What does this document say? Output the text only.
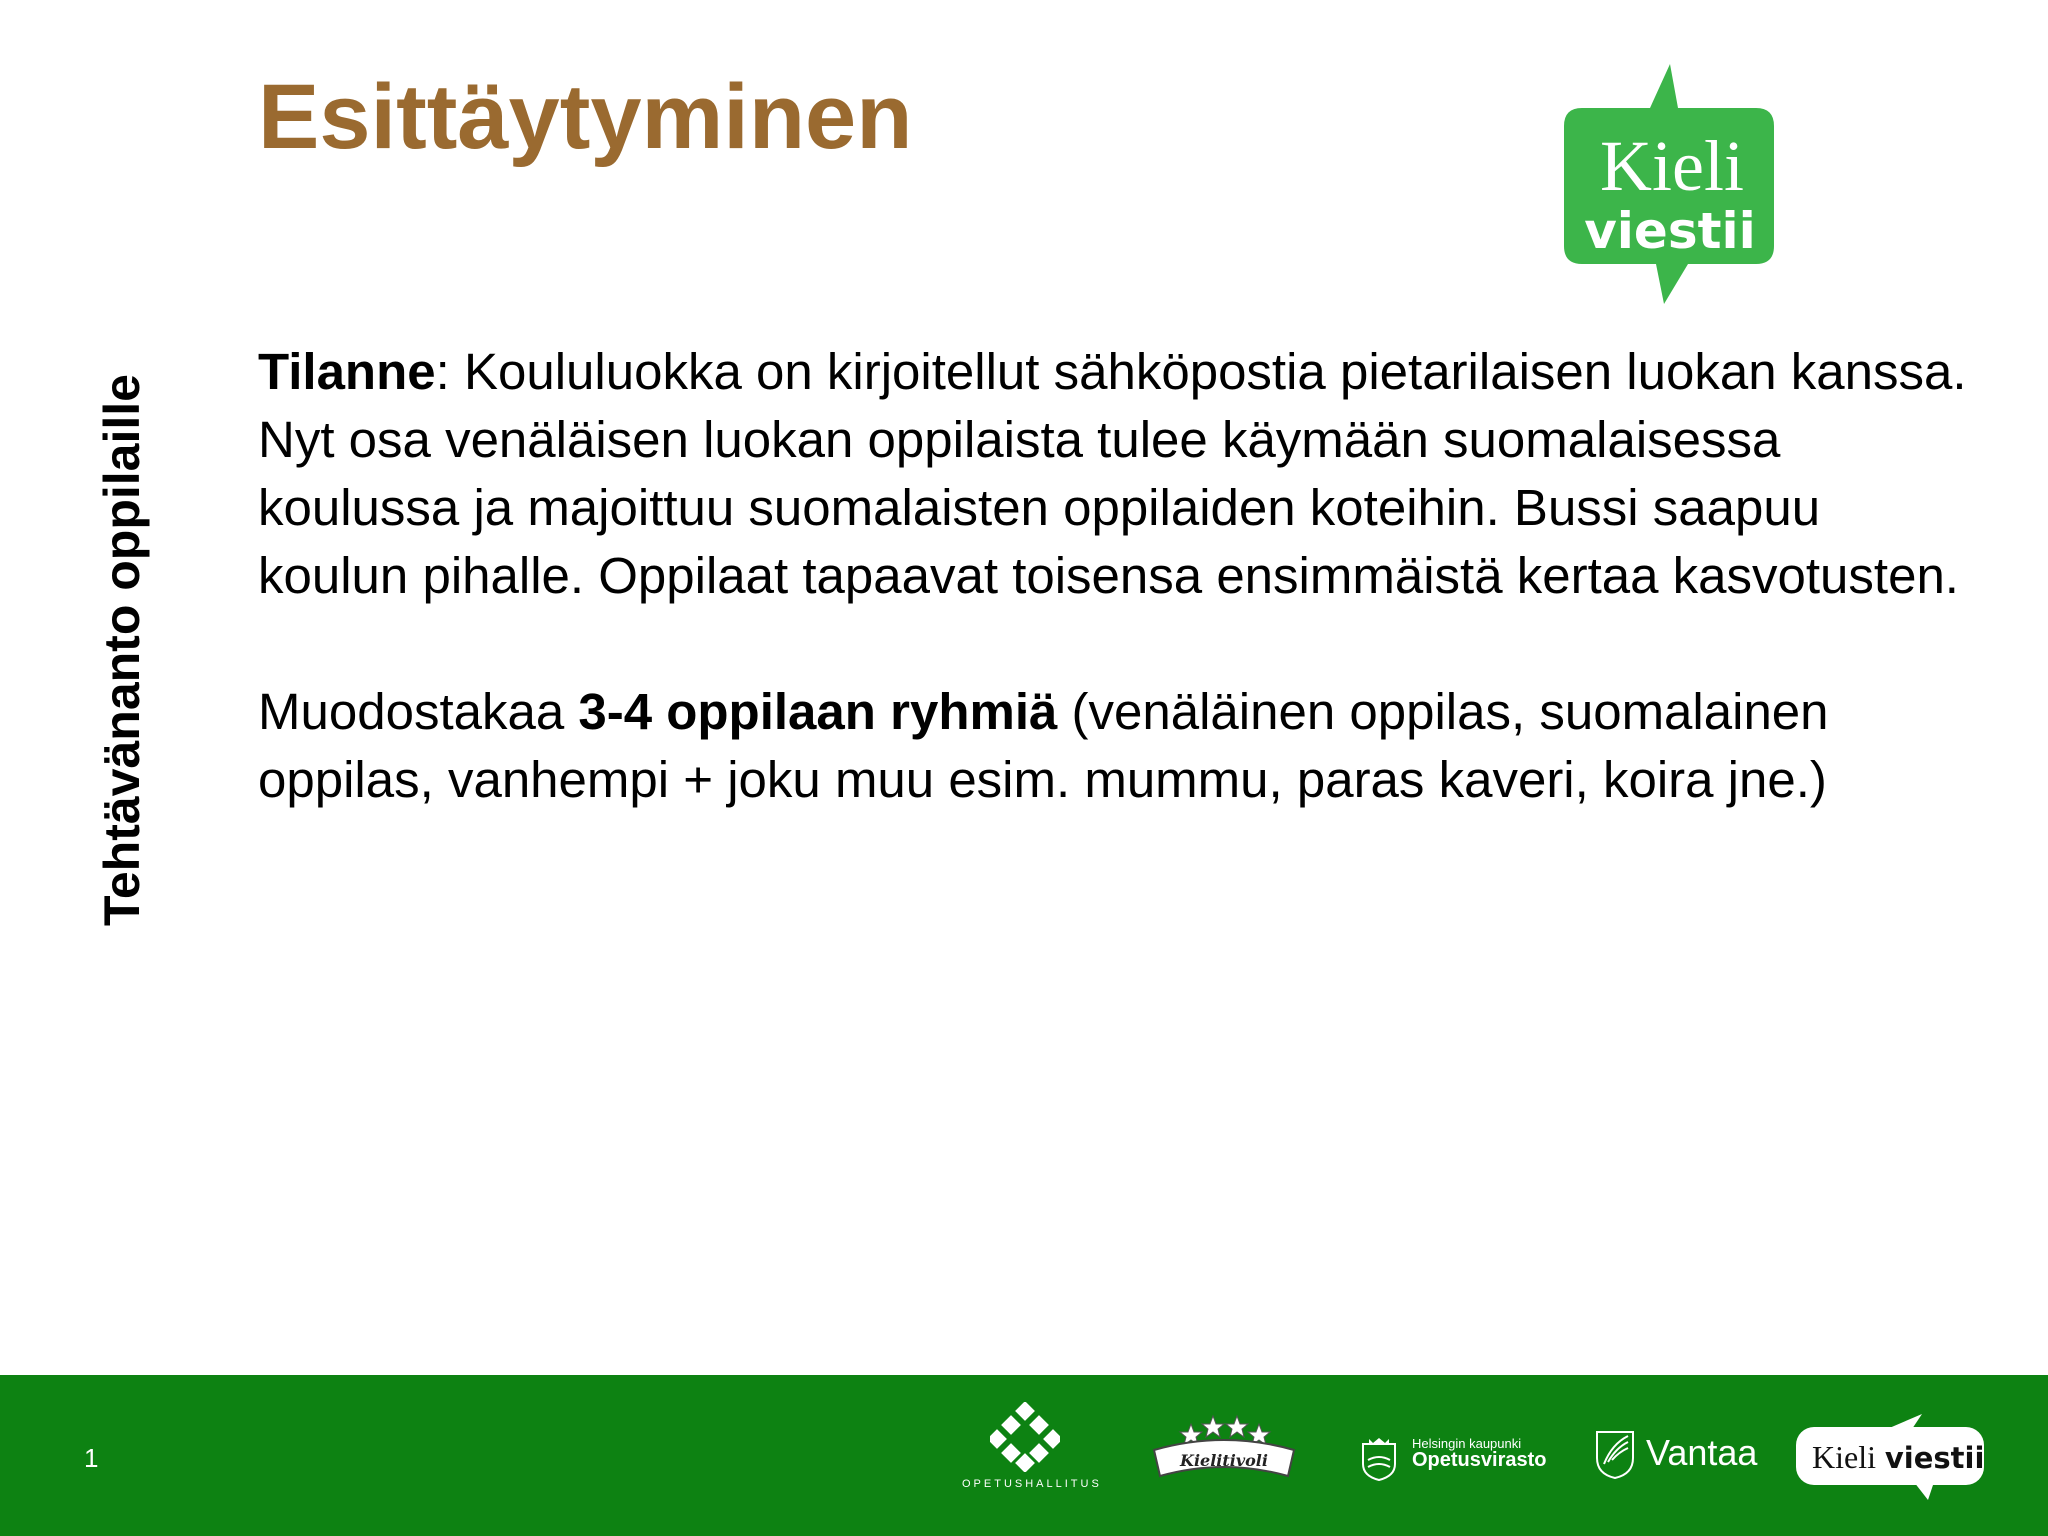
Esittäytyminen	Kieli
viestii
Tehtävänanto oppilaille

Tilanne: Koululuokka on kirjoitellut sähköpostia pietarilaisen luokan kanssa. Nyt osa venäläisen luokan oppilaista tulee käymään suomalaisessa koulussa ja majoittuu suomalaisten oppilaiden koteihin. Bussi saapuu koulun pihalle. Oppilaat tapaavat toisensa ensimmäistä kertaa kasvotusten.

Muodostakaa 3-4 oppilaan ryhmiä (venäläinen oppilas, suomalainen oppilas, vanhempi + joku muu esim. mummu, paras kaveri, koira jne.)

1
OPETUSHALLITUS
Kielitivoli
Helsingin kaupunki
Opetusvirasto	Vantaa Kieli viestii
